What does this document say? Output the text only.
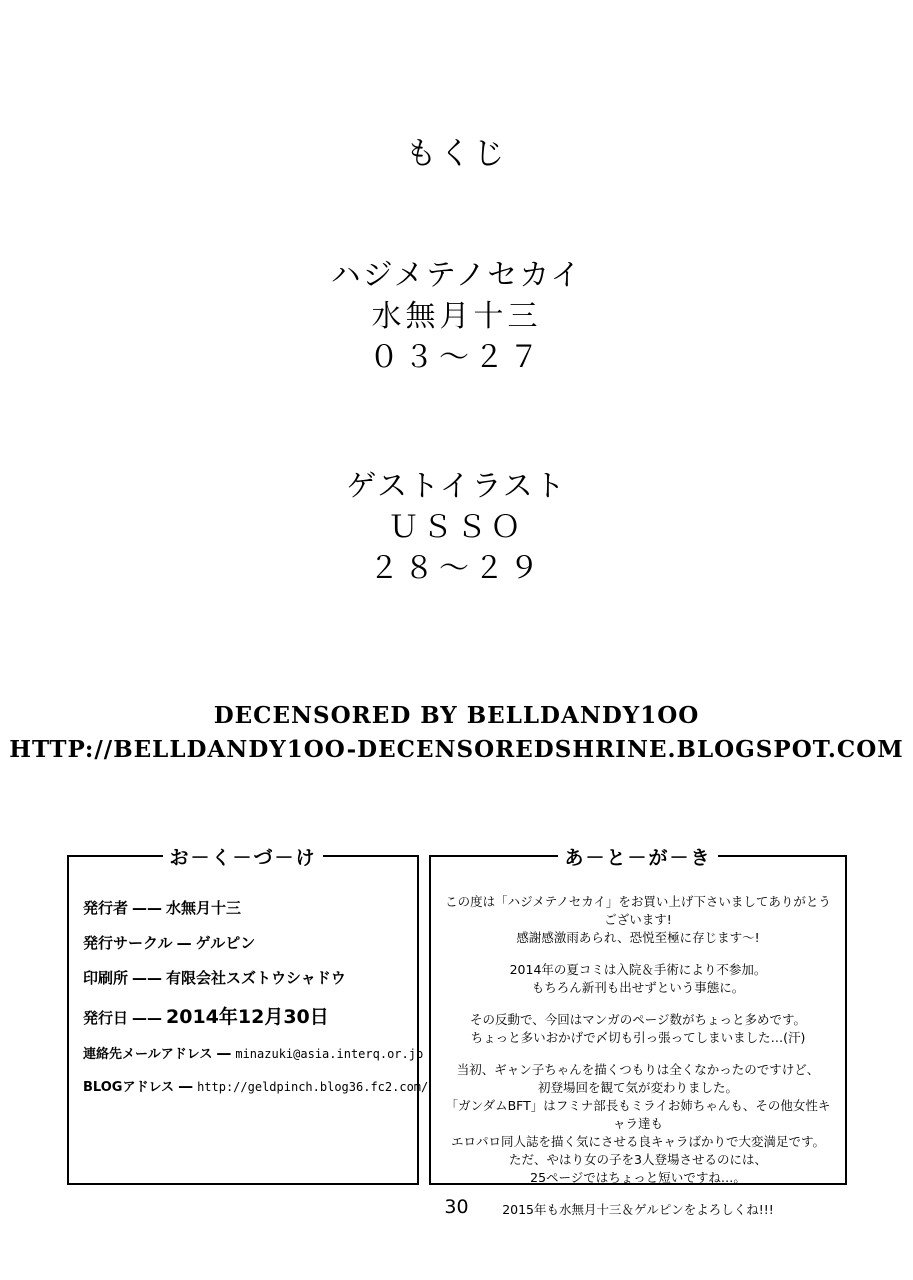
もくじ
ハジメテノセカイ
水無月十三
０３〜２７
ゲストイラスト
ＵＳＳＯ
２８〜２９
DECENSORED BY BELLDANDY1OO
HTTP://BELLDANDY1OO-DECENSOREDSHRINE.BLOGSPOT.COM
お－く－づ－け
発行者 —— 水無月十三
発行サークル — ゲルピン
印刷所 —— 有限会社スズトウシャドウ
発行日 —— 2014年12月30日
連絡先メールアドレス — minazuki@asia.interq.or.jp
BLOGアドレス — http://geldpinch.blog36.fc2.com/
あ－と－が－き

この度は「ハジメテノセカイ」をお買い上げ下さいましてありがとうございます!
感謝感激雨あられ、恐悦至極に存じます〜!

2014年の夏コミは入院＆手術により不参加。
もちろん新刊も出せずという事態に。

その反動で、今回はマンガのページ数がちょっと多めです。
ちょっと多いおかげで〆切も引っ張ってしまいました…(汗)

当初、ギャン子ちゃんを描くつもりは全くなかったのですけど、
初登場回を観て気が変わりました。
「ガンダムBFT」はフミナ部長もミライお姉ちゃんも、その他女性キャラ達も
エロパロ同人誌を描く気にさせる良キャラばかりで大変満足です。
ただ、やはり女の子を3人登場させるのには、
25ページではちょっと短いですね…。

2015年も水無月十三＆ゲルピンをよろしくね!!!

30
